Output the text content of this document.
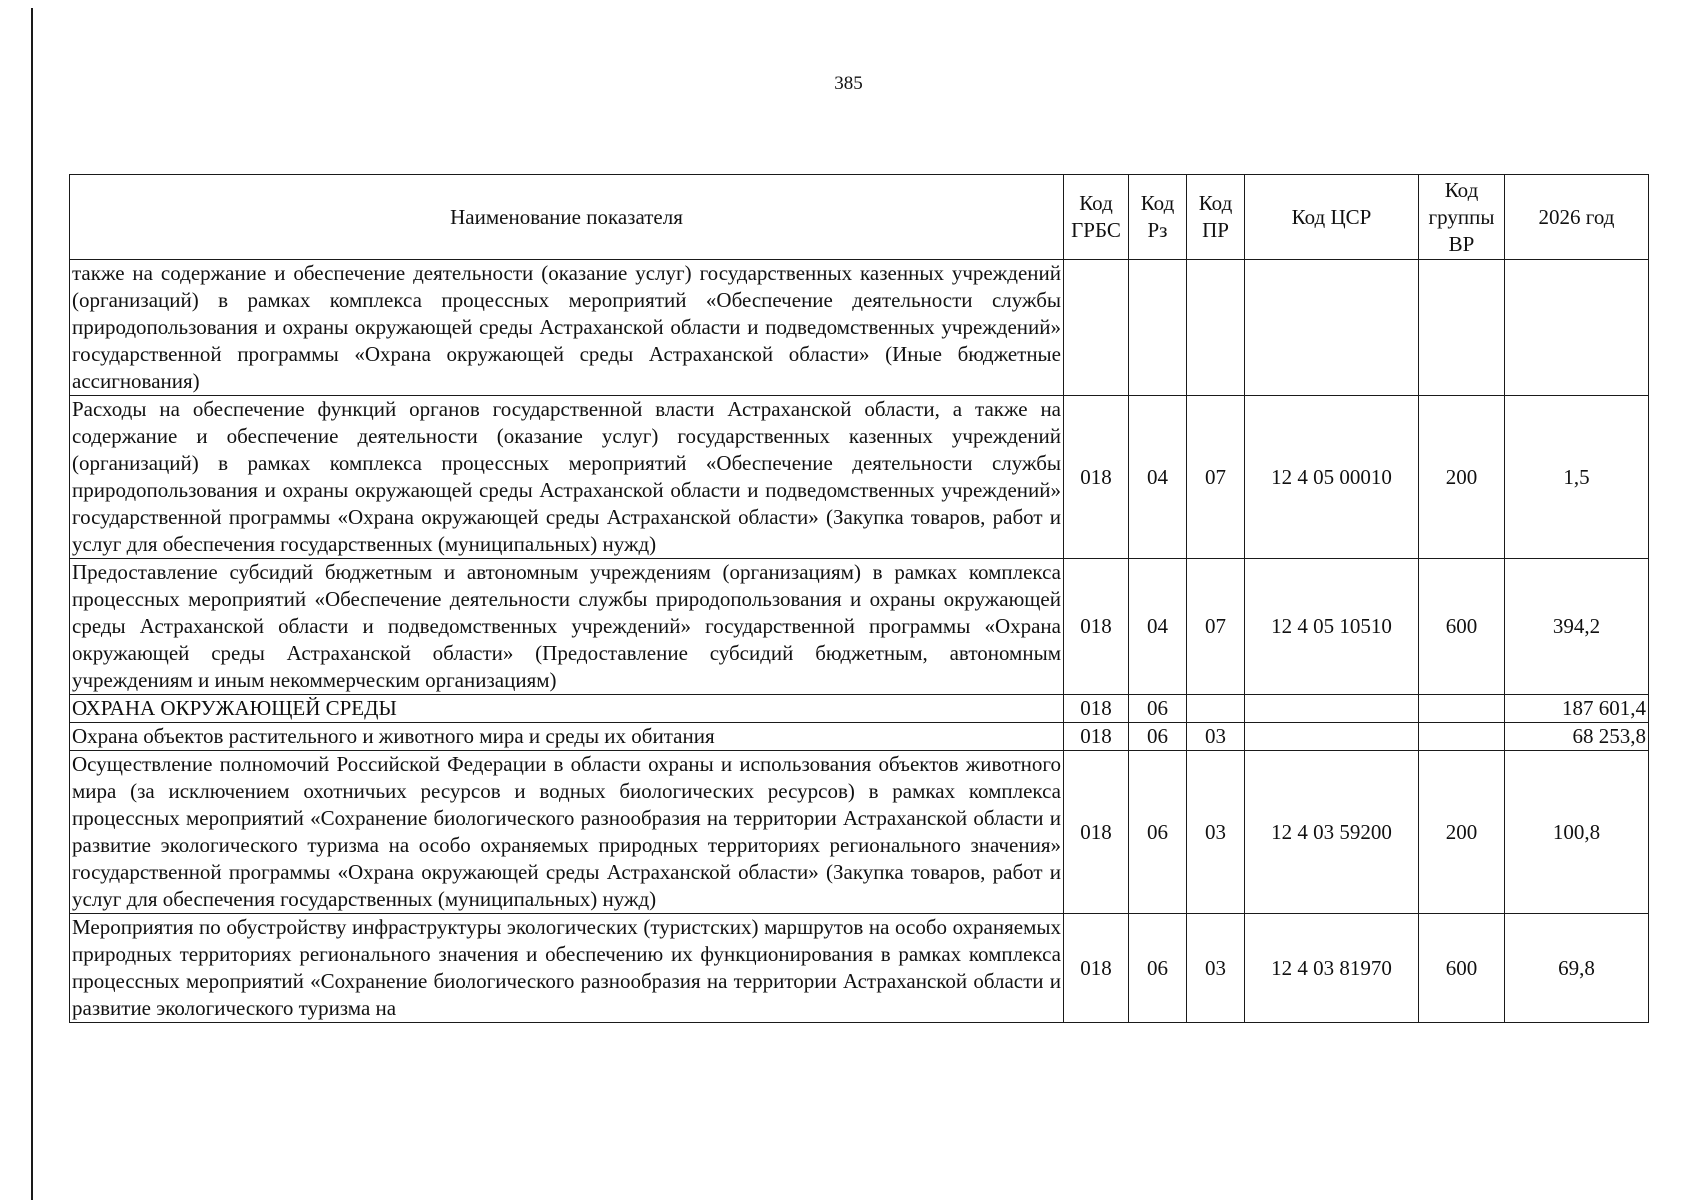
385
Наименование показателя	Код ГРБС	Код Рз	Код ПР	Код ЦСР	Код группы ВР	2026 год
также на содержание и обеспечение деятельности (оказание услуг) государственных казенных учреждений (организаций) в рамках комплекса процессных мероприятий «Обеспечение деятельности службы природопользования и охраны окружающей среды Астраханской области и подведомственных учреждений» государственной программы «Охрана окружающей среды Астраханской области» (Иные бюджетные ассигнования)						
Расходы на обеспечение функций органов государственной власти Астраханской области, а также на содержание и обеспечение деятельности (оказание услуг) государственных казенных учреждений (организаций) в рамках комплекса процессных мероприятий «Обеспечение деятельности службы природопользования и охраны окружающей среды Астраханской области и подведомственных учреждений» государственной программы «Охрана окружающей среды Астраханской области» (Закупка товаров, работ и услуг для обеспечения государственных (муниципальных) нужд)	018	04	07	12 4 05 00010	200	1,5
Предоставление субсидий бюджетным и автономным учреждениям (организациям) в рамках комплекса процессных мероприятий «Обеспечение деятельности службы природопользования и охраны окружающей среды Астраханской области и подведомственных учреждений» государственной программы «Охрана окружающей среды Астраханской области» (Предоставление субсидий бюджетным, автономным учреждениям и иным некоммерческим организациям)	018	04	07	12 4 05 10510	600	394,2
ОХРАНА ОКРУЖАЮЩЕЙ СРЕДЫ	018	06				187 601,4
Охрана объектов растительного и животного мира и среды их обитания	018	06	03			68 253,8
Осуществление полномочий Российской Федерации в области охраны и использования объектов животного мира (за исключением охотничьих ресурсов и водных биологических ресурсов) в рамках комплекса процессных мероприятий «Сохранение биологического разнообразия на территории Астраханской области и развитие экологического туризма на особо охраняемых природных территориях регионального значения» государственной программы «Охрана окружающей среды Астраханской области» (Закупка товаров, работ и услуг для обеспечения государственных (муниципальных) нужд)	018	06	03	12 4 03 59200	200	100,8
Мероприятия по обустройству инфраструктуры экологических (туристских) маршрутов на особо охраняемых природных территориях регионального значения и обеспечению их функционирования в рамках комплекса процессных мероприятий «Сохранение биологического разнообразия на территории Астраханской области и развитие экологического туризма на	018	06	03	12 4 03 81970	600	69,8
